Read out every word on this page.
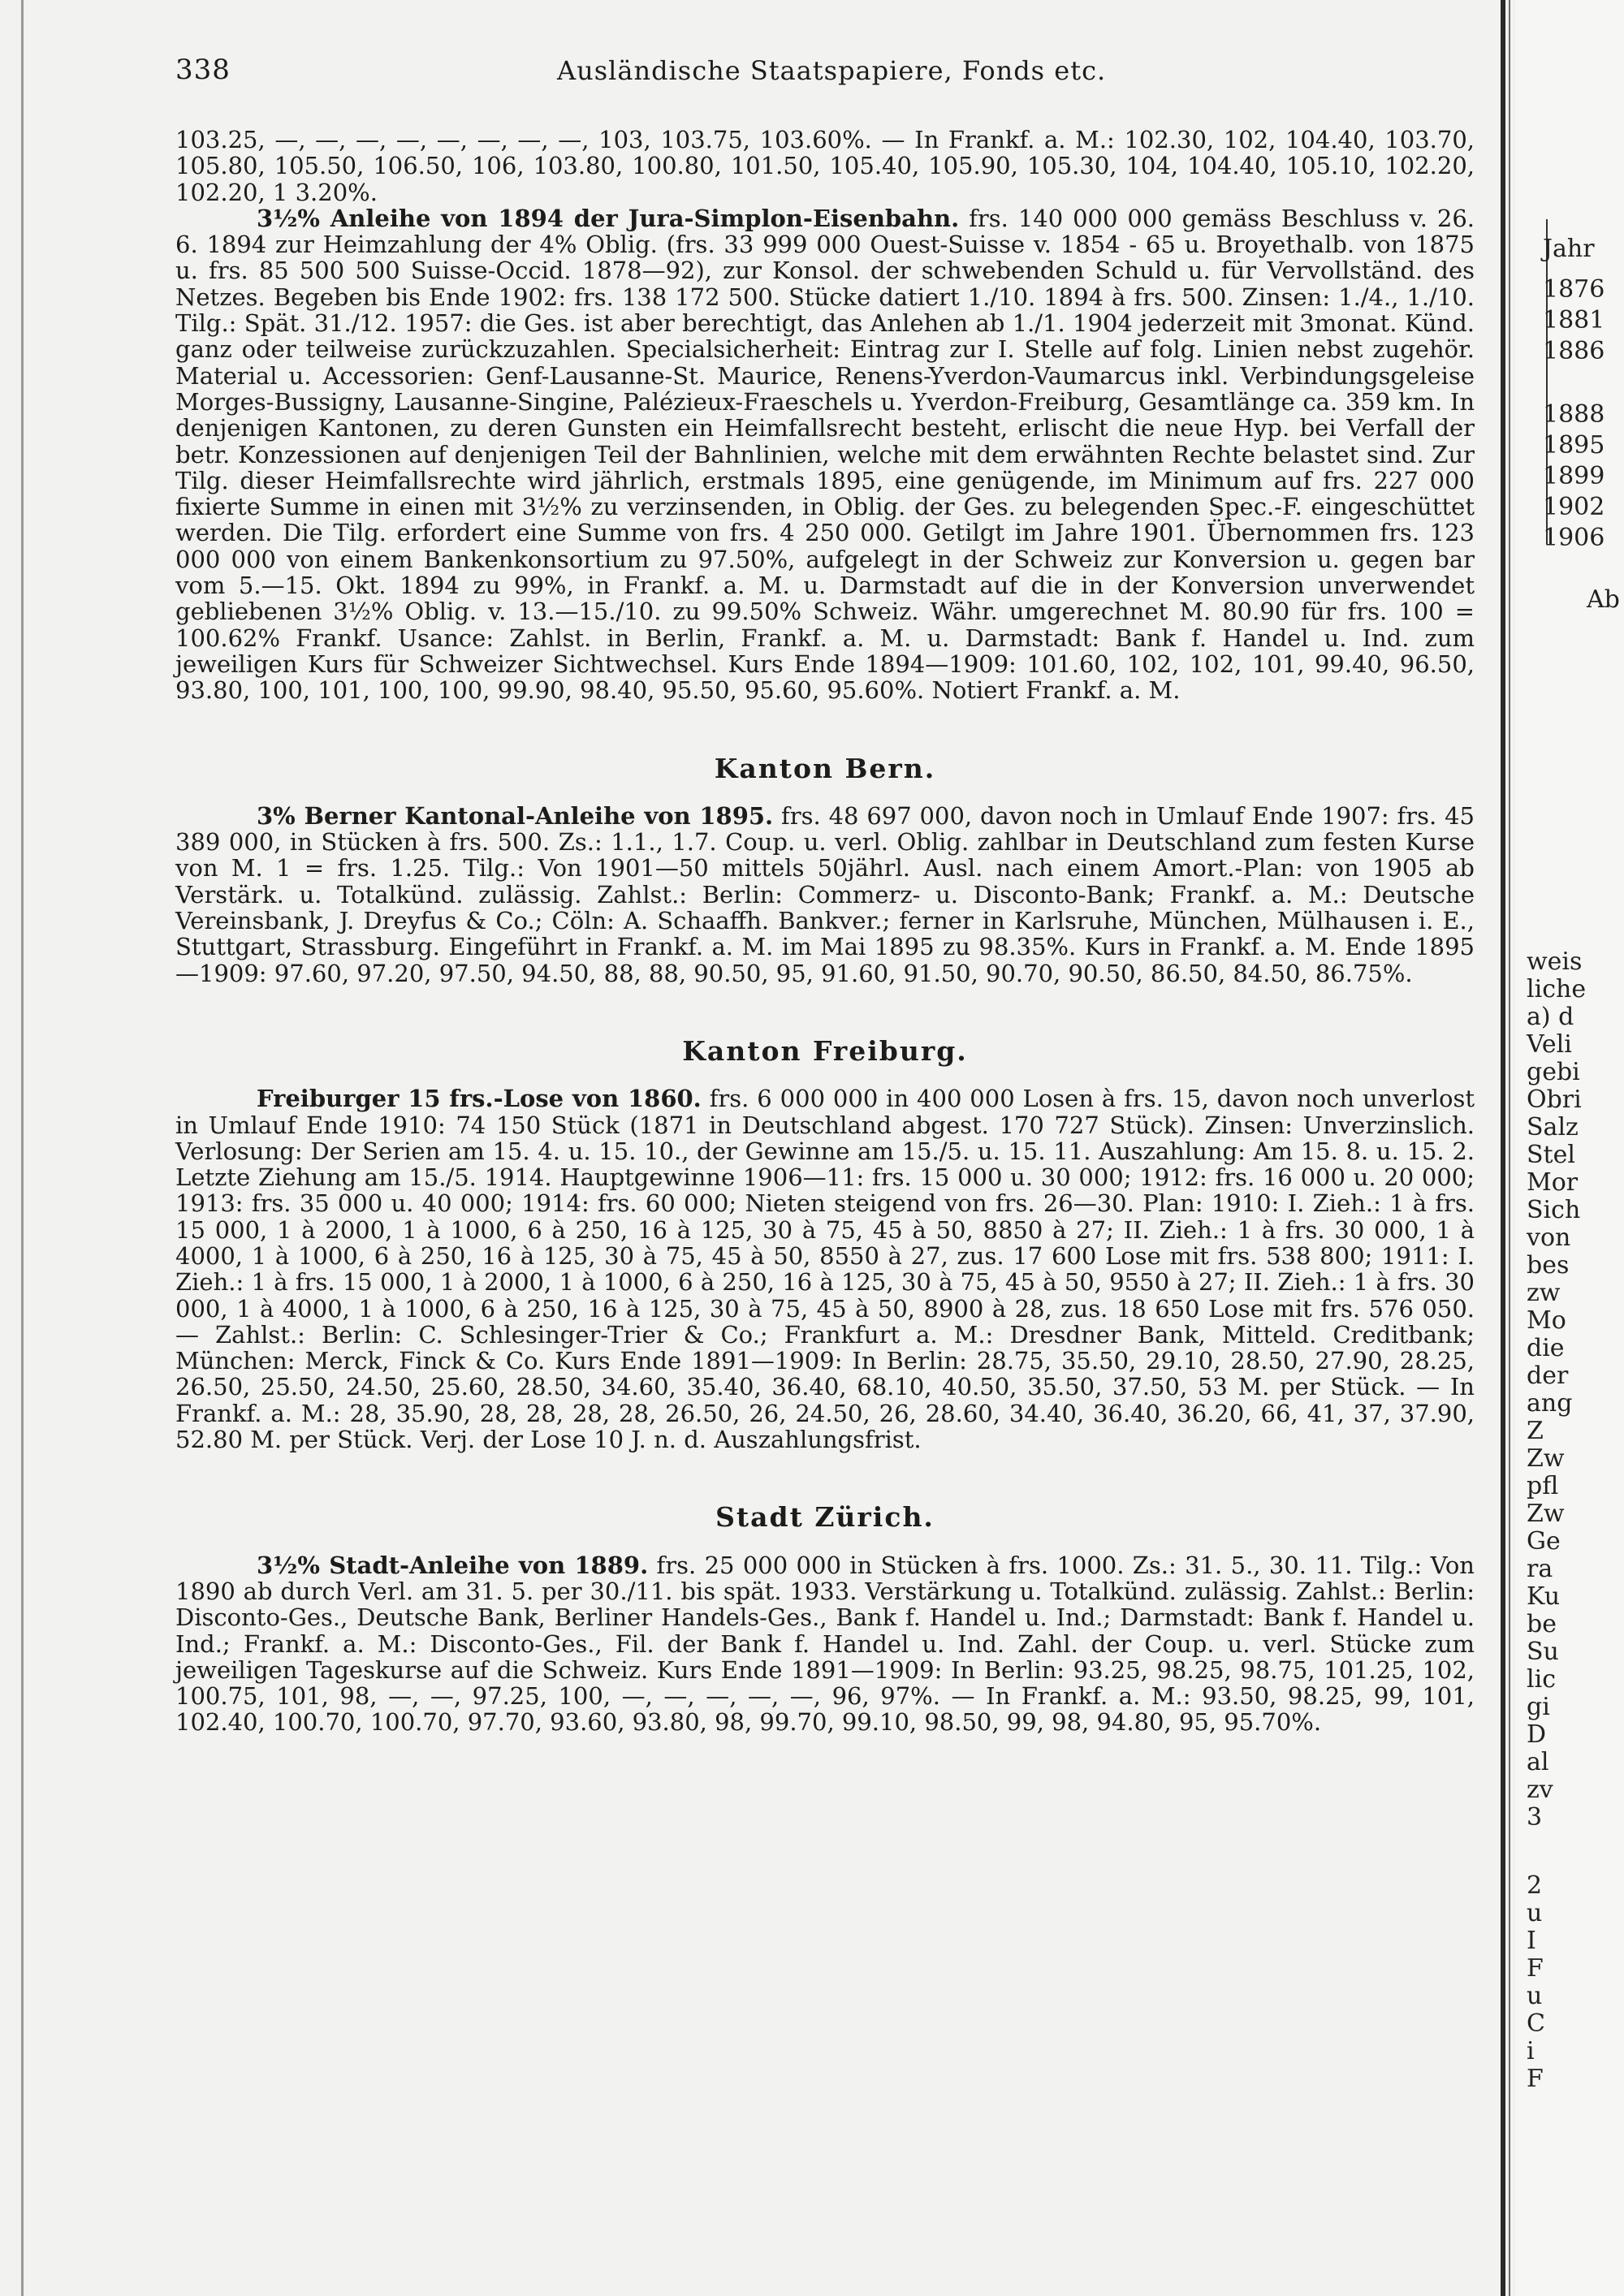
338	Ausländische Staatspapiere, Fonds etc.

103.25, —, —, —, —, —, —, —, —, 103, 103.75, 103.60%. — In Frankf. a. M.: 102.30, 102, 104.40, 103.70, 105.80, 105.50, 106.50, 106, 103.80, 100.80, 101.50, 105.40, 105.90, 105.30, 104, 104.40, 105.10, 102.20, 102.20, 1 3.20%.

3½% Anleihe von 1894 der Jura-Simplon-Eisenbahn. frs. 140 000 000 gemäss Beschluss v. 26. 6. 1894 zur Heimzahlung der 4% Oblig. (frs. 33 999 000 Ouest-Suisse v. 1854 - 65 u. Broyethalb. von 1875 u. frs. 85 500 500 Suisse-Occid. 1878—92), zur Konsol. der schwebenden Schuld u. für Vervollständ. des Netzes. Begeben bis Ende 1902: frs. 138 172 500. Stücke datiert 1./10. 1894 à frs. 500. Zinsen: 1./4., 1./10. Tilg.: Spät. 31./12. 1957: die Ges. ist aber berechtigt, das Anlehen ab 1./1. 1904 jederzeit mit 3monat. Künd. ganz oder teilweise zurückzuzahlen. Specialsicherheit: Eintrag zur I. Stelle auf folg. Linien nebst zugehör. Material u. Accessorien: Genf-Lausanne-St. Maurice, Renens-Yverdon-Vaumarcus inkl. Verbindungsgeleise Morges-Bussigny, Lausanne-Singine, Palézieux-Fraeschels u. Yverdon-Freiburg, Gesamtlänge ca. 359 km. In denjenigen Kantonen, zu deren Gunsten ein Heimfallsrecht besteht, erlischt die neue Hyp. bei Verfall der betr. Konzessionen auf denjenigen Teil der Bahnlinien, welche mit dem erwähnten Rechte belastet sind. Zur Tilg. dieser Heimfallsrechte wird jährlich, erstmals 1895, eine genügende, im Minimum auf frs. 227 000 fixierte Summe in einen mit 3½% zu verzinsenden, in Oblig. der Ges. zu belegenden Spec.-F. eingeschüttet werden. Die Tilg. erfordert eine Summe von frs. 4 250 000. Getilgt im Jahre 1901. Übernommen frs. 123 000 000 von einem Bankenkonsortium zu 97.50%, aufgelegt in der Schweiz zur Konversion u. gegen bar vom 5.—15. Okt. 1894 zu 99%, in Frankf. a. M. u. Darmstadt auf die in der Konversion unverwendet gebliebenen 3½% Oblig. v. 13.—15./10. zu 99.50% Schweiz. Währ. umgerechnet M. 80.90 für frs. 100 = 100.62% Frankf. Usance: Zahlst. in Berlin, Frankf. a. M. u. Darmstadt: Bank f. Handel u. Ind. zum jeweiligen Kurs für Schweizer Sichtwechsel. Kurs Ende 1894—1909: 101.60, 102, 102, 101, 99.40, 96.50, 93.80, 100, 101, 100, 100, 99.90, 98.40, 95.50, 95.60, 95.60%. Notiert Frankf. a. M.

Kanton Bern.

3% Berner Kantonal-Anleihe von 1895. frs. 48 697 000, davon noch in Umlauf Ende 1907: frs. 45 389 000, in Stücken à frs. 500. Zs.: 1.1., 1.7. Coup. u. verl. Oblig. zahlbar in Deutschland zum festen Kurse von M. 1 = frs. 1.25. Tilg.: Von 1901—50 mittels 50jährl. Ausl. nach einem Amort.-Plan: von 1905 ab Verstärk. u. Totalkünd. zulässig. Zahlst.: Berlin: Commerz- u. Disconto-Bank; Frankf. a. M.: Deutsche Vereinsbank, J. Dreyfus & Co.; Cöln: A. Schaaffh. Bankver.; ferner in Karlsruhe, München, Mülhausen i. E., Stuttgart, Strassburg. Eingeführt in Frankf. a. M. im Mai 1895 zu 98.35%. Kurs in Frankf. a. M. Ende 1895—1909: 97.60, 97.20, 97.50, 94.50, 88, 88, 90.50, 95, 91.60, 91.50, 90.70, 90.50, 86.50, 84.50, 86.75%.

Kanton Freiburg.

Freiburger 15 frs.-Lose von 1860. frs. 6 000 000 in 400 000 Losen à frs. 15, davon noch unverlost in Umlauf Ende 1910: 74 150 Stück (1871 in Deutschland abgest. 170 727 Stück). Zinsen: Unverzinslich. Verlosung: Der Serien am 15. 4. u. 15. 10., der Gewinne am 15./5. u. 15. 11. Auszahlung: Am 15. 8. u. 15. 2. Letzte Ziehung am 15./5. 1914. Hauptgewinne 1906—11: frs. 15 000 u. 30 000; 1912: frs. 16 000 u. 20 000; 1913: frs. 35 000 u. 40 000; 1914: frs. 60 000; Nieten steigend von frs. 26—30. Plan: 1910: I. Zieh.: 1 à frs. 15 000, 1 à 2000, 1 à 1000, 6 à 250, 16 à 125, 30 à 75, 45 à 50, 8850 à 27; II. Zieh.: 1 à frs. 30 000, 1 à 4000, 1 à 1000, 6 à 250, 16 à 125, 30 à 75, 45 à 50, 8550 à 27, zus. 17 600 Lose mit frs. 538 800; 1911: I. Zieh.: 1 à frs. 15 000, 1 à 2000, 1 à 1000, 6 à 250, 16 à 125, 30 à 75, 45 à 50, 9550 à 27; II. Zieh.: 1 à frs. 30 000, 1 à 4000, 1 à 1000, 6 à 250, 16 à 125, 30 à 75, 45 à 50, 8900 à 28, zus. 18 650 Lose mit frs. 576 050. — Zahlst.: Berlin: C. Schlesinger-Trier & Co.; Frankfurt a. M.: Dresdner Bank, Mitteld. Creditbank; München: Merck, Finck & Co. Kurs Ende 1891—1909: In Berlin: 28.75, 35.50, 29.10, 28.50, 27.90, 28.25, 26.50, 25.50, 24.50, 25.60, 28.50, 34.60, 35.40, 36.40, 68.10, 40.50, 35.50, 37.50, 53 M. per Stück. — In Frankf. a. M.: 28, 35.90, 28, 28, 28, 28, 26.50, 26, 24.50, 26, 28.60, 34.40, 36.40, 36.20, 66, 41, 37, 37.90, 52.80 M. per Stück. Verj. der Lose 10 J. n. d. Auszahlungsfrist.

Stadt Zürich.

3½% Stadt-Anleihe von 1889. frs. 25 000 000 in Stücken à frs. 1000. Zs.: 31. 5., 30. 11. Tilg.: Von 1890 ab durch Verl. am 31. 5. per 30./11. bis spät. 1933. Verstärkung u. Totalkünd. zulässig. Zahlst.: Berlin: Disconto-Ges., Deutsche Bank, Berliner Handels-Ges., Bank f. Handel u. Ind.; Darmstadt: Bank f. Handel u. Ind.; Frankf. a. M.: Disconto-Ges., Fil. der Bank f. Handel u. Ind. Zahl. der Coup. u. verl. Stücke zum jeweiligen Tageskurse auf die Schweiz. Kurs Ende 1891—1909: In Berlin: 93.25, 98.25, 98.75, 101.25, 102, 100.75, 101, 98, —, —, 97.25, 100, —, —, —, —, —, 96, 97%. — In Frankf. a. M.: 93.50, 98.25, 99, 101, 102.40, 100.70, 100.70, 97.70, 93.60, 93.80, 98, 99.70, 99.10, 98.50, 99, 98, 94.80, 95, 95.70%.

Jahr
1876
1881
1886
1888
1895
1899
1902
1906
Ab
weis
liche
a) d
Veli
gebi
Obri
Salz
Stel
Mor
Sich
von
bes
zw
Mo
die
der
ang
Z
Zw
pfl
Zw
Ge
ra
Ku
be
Su
lic
gi
D
al
zv
3
2
u
I
F
u
C
i
F
